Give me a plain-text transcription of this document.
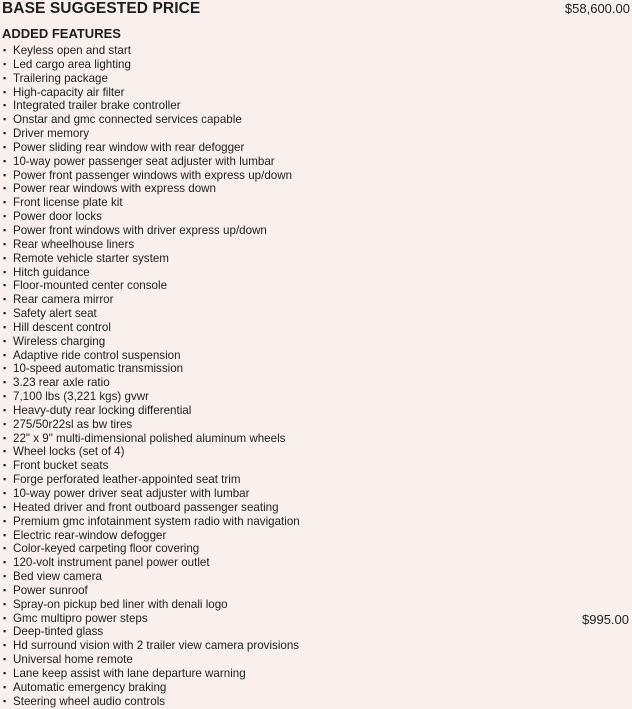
BASE SUGGESTED PRICE	$58,600.00
ADDED FEATURES
▪ Keyless open and start
▪ Led cargo area lighting
▪ Trailering package
▪ High-capacity air filter
▪ Integrated trailer brake controller
▪ Onstar and gmc connected services capable
▪ Driver memory
▪ Power sliding rear window with rear defogger
▪ 10-way power passenger seat adjuster with lumbar
▪ Power front passenger windows with express up/down
▪ Power rear windows with express down
▪ Front license plate kit
▪ Power door locks
▪ Power front windows with driver express up/down
▪ Rear wheelhouse liners
▪ Remote vehicle starter system
▪ Hitch guidance
▪ Floor-mounted center console
▪ Rear camera mirror
▪ Safety alert seat
▪ Hill descent control
▪ Wireless charging
▪ Adaptive ride control suspension
▪ 10-speed automatic transmission
▪ 3.23 rear axle ratio
▪ 7,100 lbs (3,221 kgs) gvwr
▪ Heavy-duty rear locking differential
▪ 275/50r22sl as bw tires
▪ 22" x 9" multi-dimensional polished aluminum wheels
▪ Wheel locks (set of 4)
▪ Front bucket seats
▪ Forge perforated leather-appointed seat trim
▪ 10-way power driver seat adjuster with lumbar
▪ Heated driver and front outboard passenger seating
▪ Premium gmc infotainment system radio with navigation
▪ Electric rear-window defogger
▪ Color-keyed carpeting floor covering
▪ 120-volt instrument panel power outlet
▪ Bed view camera
▪ Power sunroof
▪ Spray-on pickup bed liner with denali logo
▪ Gmc multipro power steps
▪ Deep-tinted glass
▪ Hd surround vision with 2 trailer view camera provisions
▪ Universal home remote
▪ Lane keep assist with lane departure warning
▪ Automatic emergency braking
▪ Steering wheel audio controls
$995.00
